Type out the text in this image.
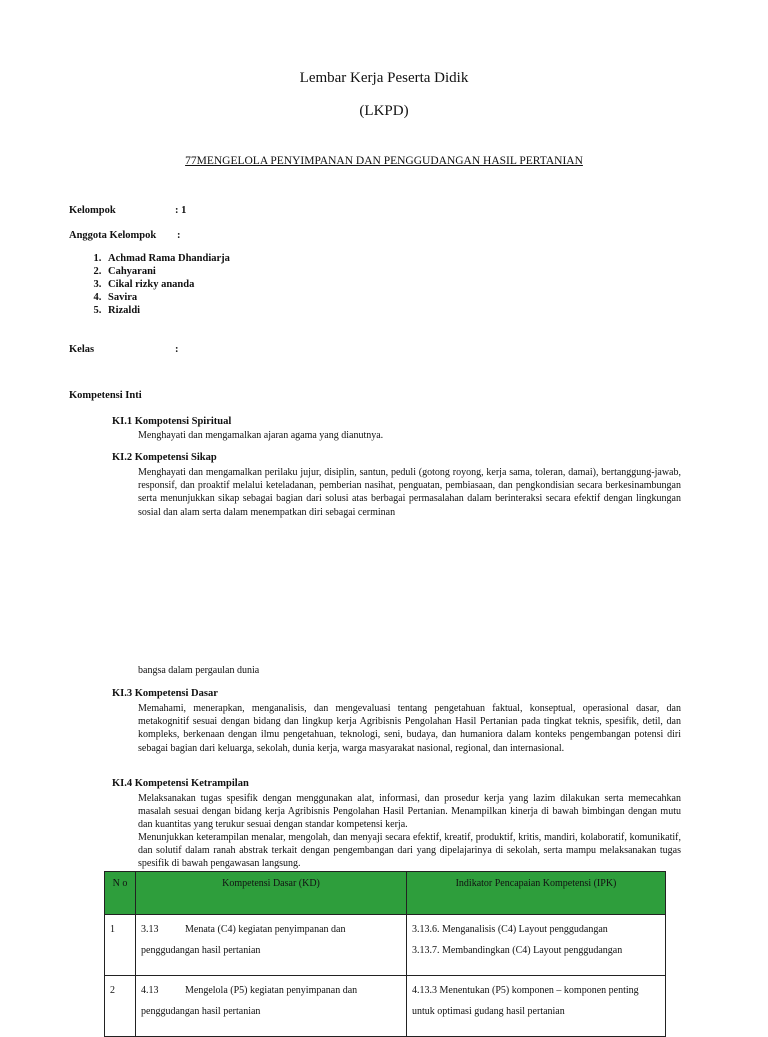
Lembar Kerja Peserta Didik
(LKPD)
77MENGELOLA PENYIMPANAN DAN PENGGUDANGAN HASIL PERTANIAN
Kelompok	: 1
Anggota Kelompok :
1. Achmad Rama Dhandiarja
2. Cahyarani
3. Cikal rizky ananda
4. Savira
5. Rizaldi
Kelas	:
Kompetensi Inti
KI.1 Kompotensi Spiritual
Menghayati dan mengamalkan ajaran agama yang dianutnya.
KI.2 Kompetensi Sikap
Menghayati dan mengamalkan perilaku jujur, disiplin, santun, peduli (gotong royong, kerja sama, toleran, damai), bertanggung-jawab, responsif, dan proaktif melalui keteladanan, pemberian nasihat, penguatan, pembiasaan, dan pengkondisian secara berkesinambungan serta menunjukkan sikap sebagai bagian dari solusi atas berbagai permasalahan dalam berinteraksi secara efektif dengan lingkungan sosial dan alam serta dalam menempatkan diri sebagai cerminan
bangsa dalam pergaulan dunia
KI.3 Kompetensi Dasar
Memahami, menerapkan, menganalisis, dan mengevaluasi tentang pengetahuan faktual, konseptual, operasional dasar, dan metakognitif sesuai dengan bidang dan lingkup kerja Agribisnis Pengolahan Hasil Pertanian pada tingkat teknis, spesifik, detil, dan kompleks, berkenaan dengan ilmu pengetahuan, teknologi, seni, budaya, dan humaniora dalam konteks pengembangan potensi diri sebagai bagian dari keluarga, sekolah, dunia kerja, warga masyarakat nasional, regional, dan internasional.
KI.4 Kompetensi Ketrampilan
Melaksanakan tugas spesifik dengan menggunakan alat, informasi, dan prosedur kerja yang lazim dilakukan serta memecahkan masalah sesuai dengan bidang kerja Agribisnis Pengolahan Hasil Pertanian. Menampilkan kinerja di bawah bimbingan dengan mutu dan kuantitas yang terukur sesuai dengan standar kompetensi kerja.
Menunjukkan keterampilan menalar, mengolah, dan menyaji secara efektif, kreatif, produktif, kritis, mandiri, kolaboratif, komunikatif, dan solutif dalam ranah abstrak terkait dengan pengembangan dari yang dipelajarinya di sekolah, serta mampu melaksanakan tugas spesifik di bawah pengawasan langsung.
N o	Kompetensi Dasar (KD)	Indikator Pencapaian Kompetensi (IPK)
1	3.13 Menata (C4) kegiatan penyimpanan dan penggudangan hasil pertanian	3.13.6. Menganalisis (C4) Layout penggudangan
3.13.7. Membandingkan (C4) Layout penggudangan

2	4.13 Mengelola (P5) kegiatan penyimpanan dan penggudangan hasil pertanian	4.13.3 Menentukan (P5) komponen – komponen penting untuk optimasi gudang hasil pertanian
